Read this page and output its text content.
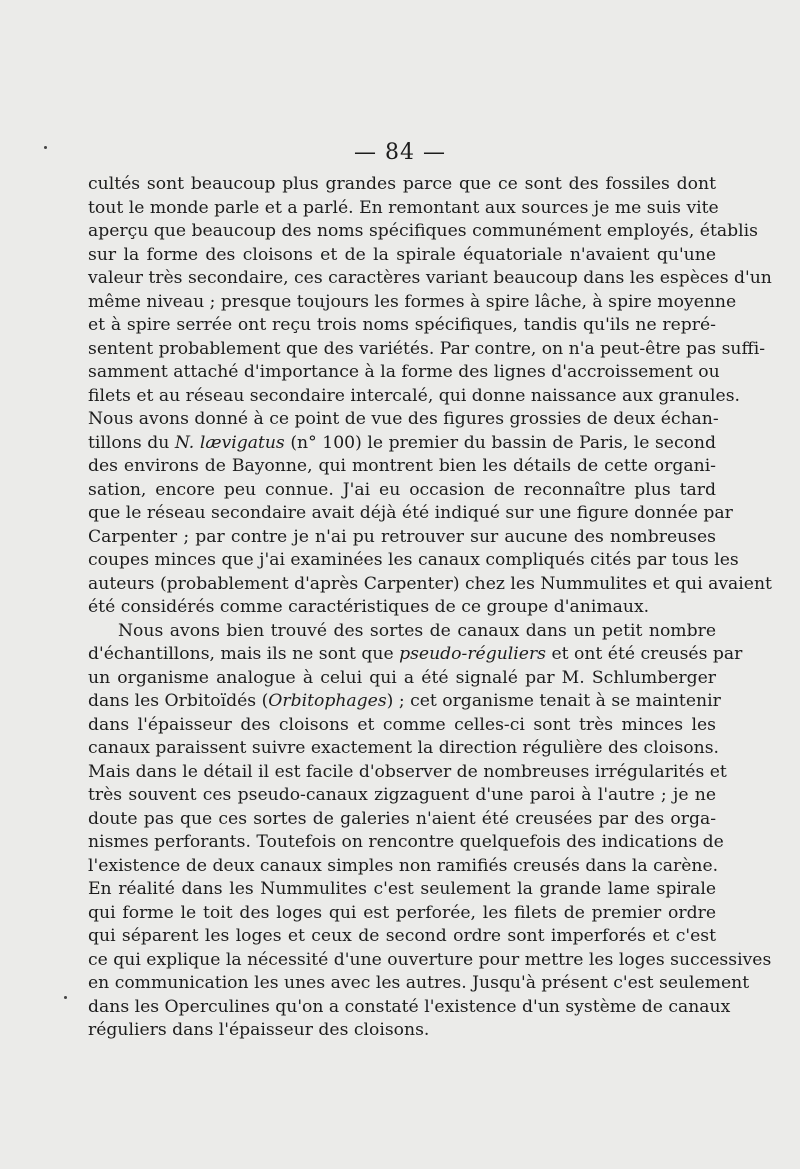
— 84 —
cultés sont beaucoup plus grandes parce que ce sont des fossiles dont
tout le monde parle et a parlé. En remontant aux sources je me suis vite
aperçu que beaucoup des noms spécifiques communément employés, établis
sur la forme des cloisons et de la spirale équatoriale n'avaient qu'une
valeur très secondaire, ces caractères variant beaucoup dans les espèces d'un
même niveau ; presque toujours les formes à spire lâche, à spire moyenne
et à spire serrée ont reçu trois noms spécifiques, tandis qu'ils ne repré-
sentent probablement que des variétés. Par contre, on n'a peut-être pas suffi-
samment attaché d'importance à la forme des lignes d'accroissement ou
filets et au réseau secondaire intercalé, qui donne naissance aux granules.
Nous avons donné à ce point de vue des figures grossies de deux échan-
tillons du N. lævigatus (n° 100) le premier du bassin de Paris, le second
des environs de Bayonne, qui montrent bien les détails de cette organi-
sation, encore peu connue. J'ai eu occasion de reconnaître plus tard
que le réseau secondaire avait déjà été indiqué sur une figure donnée par
Carpenter ; par contre je n'ai pu retrouver sur aucune des nombreuses
coupes minces que j'ai examinées les canaux compliqués cités par tous les
auteurs (probablement d'après Carpenter) chez les Nummulites et qui avaient
été considérés comme caractéristiques de ce groupe d'animaux.
Nous avons bien trouvé des sortes de canaux dans un petit nombre
d'échantillons, mais ils ne sont que pseudo-réguliers et ont été creusés par
un organisme analogue à celui qui a été signalé par M. Schlumberger
dans les Orbitoïdés (Orbitophages) ; cet organisme tenait à se maintenir
dans l'épaisseur des cloisons et comme celles-ci sont très minces les
canaux paraissent suivre exactement la direction régulière des cloisons.
Mais dans le détail il est facile d'observer de nombreuses irrégularités et
très souvent ces pseudo-canaux zigzaguent d'une paroi à l'autre ; je ne
doute pas que ces sortes de galeries n'aient été creusées par des orga-
nismes perforants. Toutefois on rencontre quelquefois des indications de
l'existence de deux canaux simples non ramifiés creusés dans la carène.
En réalité dans les Nummulites c'est seulement la grande lame spirale
qui forme le toit des loges qui est perforée, les filets de premier ordre
qui séparent les loges et ceux de second ordre sont imperforés et c'est
ce qui explique la nécessité d'une ouverture pour mettre les loges successives
en communication les unes avec les autres. Jusqu'à présent c'est seulement
dans les Operculines qu'on a constaté l'existence d'un système de canaux
réguliers dans l'épaisseur des cloisons.
